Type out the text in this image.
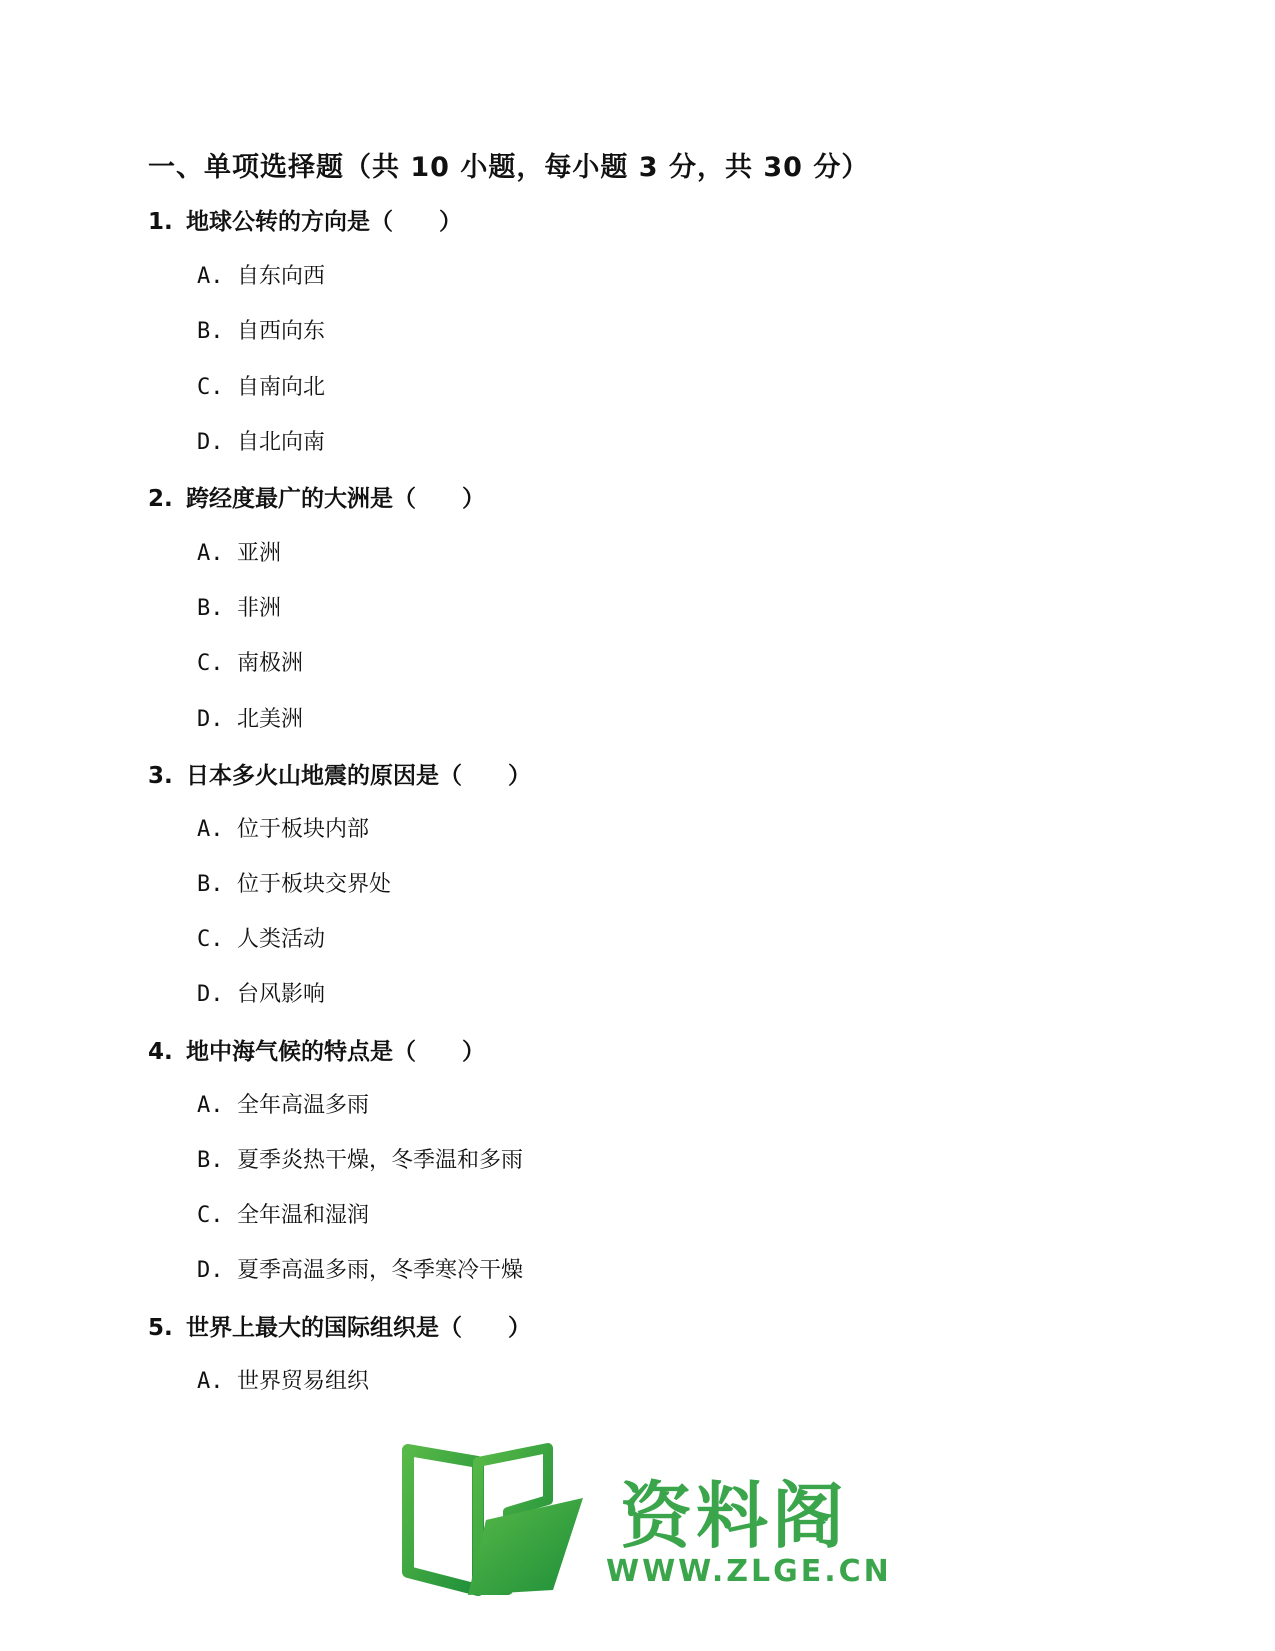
一、单项选择题（共 10 小题，每小题 3 分，共 30 分）
1. 地球公转的方向是（　　）
A. 自东向西
B. 自西向东
C. 自南向北
D. 自北向南
2. 跨经度最广的大洲是（　　）
A. 亚洲
B. 非洲
C. 南极洲
D. 北美洲
3. 日本多火山地震的原因是（　　）
A. 位于板块内部
B. 位于板块交界处
C. 人类活动
D. 台风影响
4. 地中海气候的特点是（　　）
A. 全年高温多雨
B. 夏季炎热干燥，冬季温和多雨
C. 全年温和湿润
D. 夏季高温多雨，冬季寒冷干燥
5. 世界上最大的国际组织是（　　）
A. 世界贸易组织
资料阁
WWW.ZLGE.CN
